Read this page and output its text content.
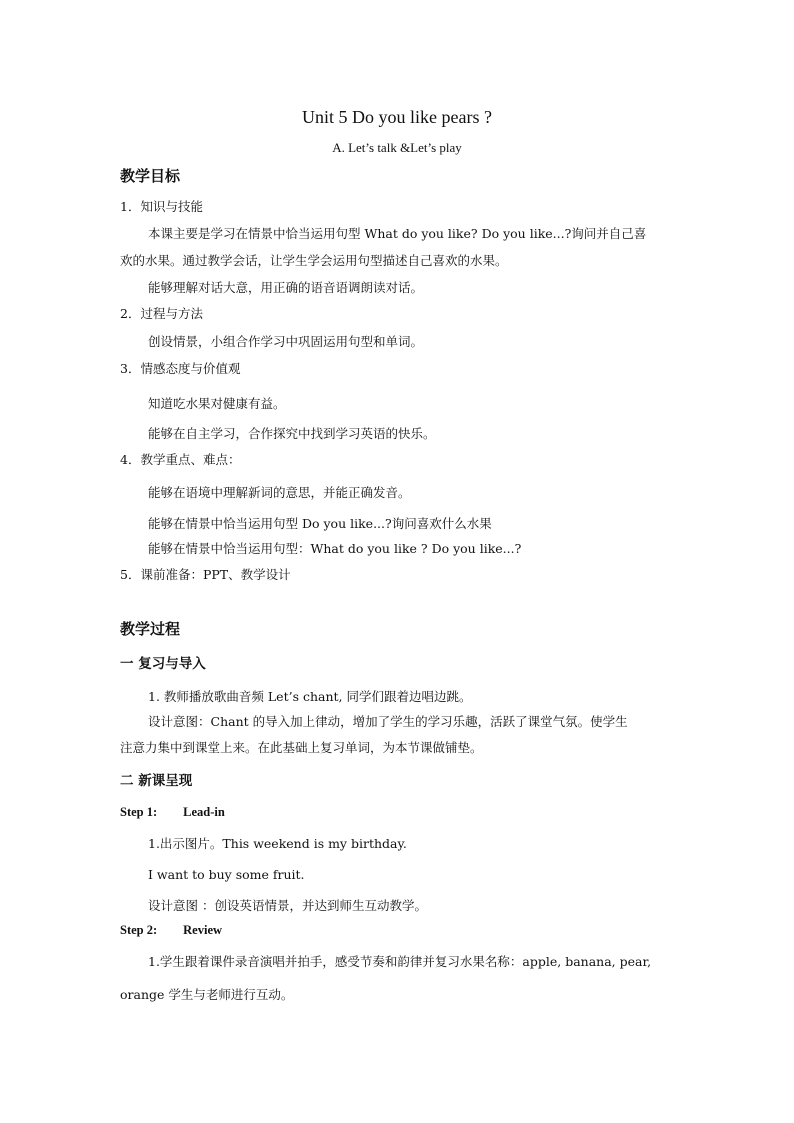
Unit 5 Do you like pears ?
A. Let’s talk &Let’s play
教学目标
1．知识与技能
本课主要是学习在情景中恰当运用句型 What do you like? Do you like...?询问并自己喜
欢的水果。通过教学会话，让学生学会运用句型描述自己喜欢的水果。
能够理解对话大意，用正确的语音语调朗读对话。
2．过程与方法
创设情景，小组合作学习中巩固运用句型和单词。
3．情感态度与价值观
知道吃水果对健康有益。
能够在自主学习，合作探究中找到学习英语的快乐。
4．教学重点、难点：
能够在语境中理解新词的意思，并能正确发音。
能够在情景中恰当运用句型 Do you like...?询问喜欢什么水果
能够在情景中恰当运用句型：What do you like ? Do you like...?
5．课前准备：PPT、教学设计
教学过程
一 复习与导入
1. 教师播放歌曲音频 Let’s chant, 同学们跟着边唱边跳。
设计意图：Chant 的导入加上律动，增加了学生的学习乐趣，活跃了课堂气氛。使学生
注意力集中到课堂上来。在此基础上复习单词，为本节课做铺垫。
二 新课呈现
Step 1: Lead-in
1.出示图片。This weekend is my birthday.
I want to buy some fruit.
设计意图 ：创设英语情景，并达到师生互动教学。
Step 2: Review
1.学生跟着课件录音演唱并拍手，感受节奏和韵律并复习水果名称：apple, banana, pear,
orange 学生与老师进行互动。
